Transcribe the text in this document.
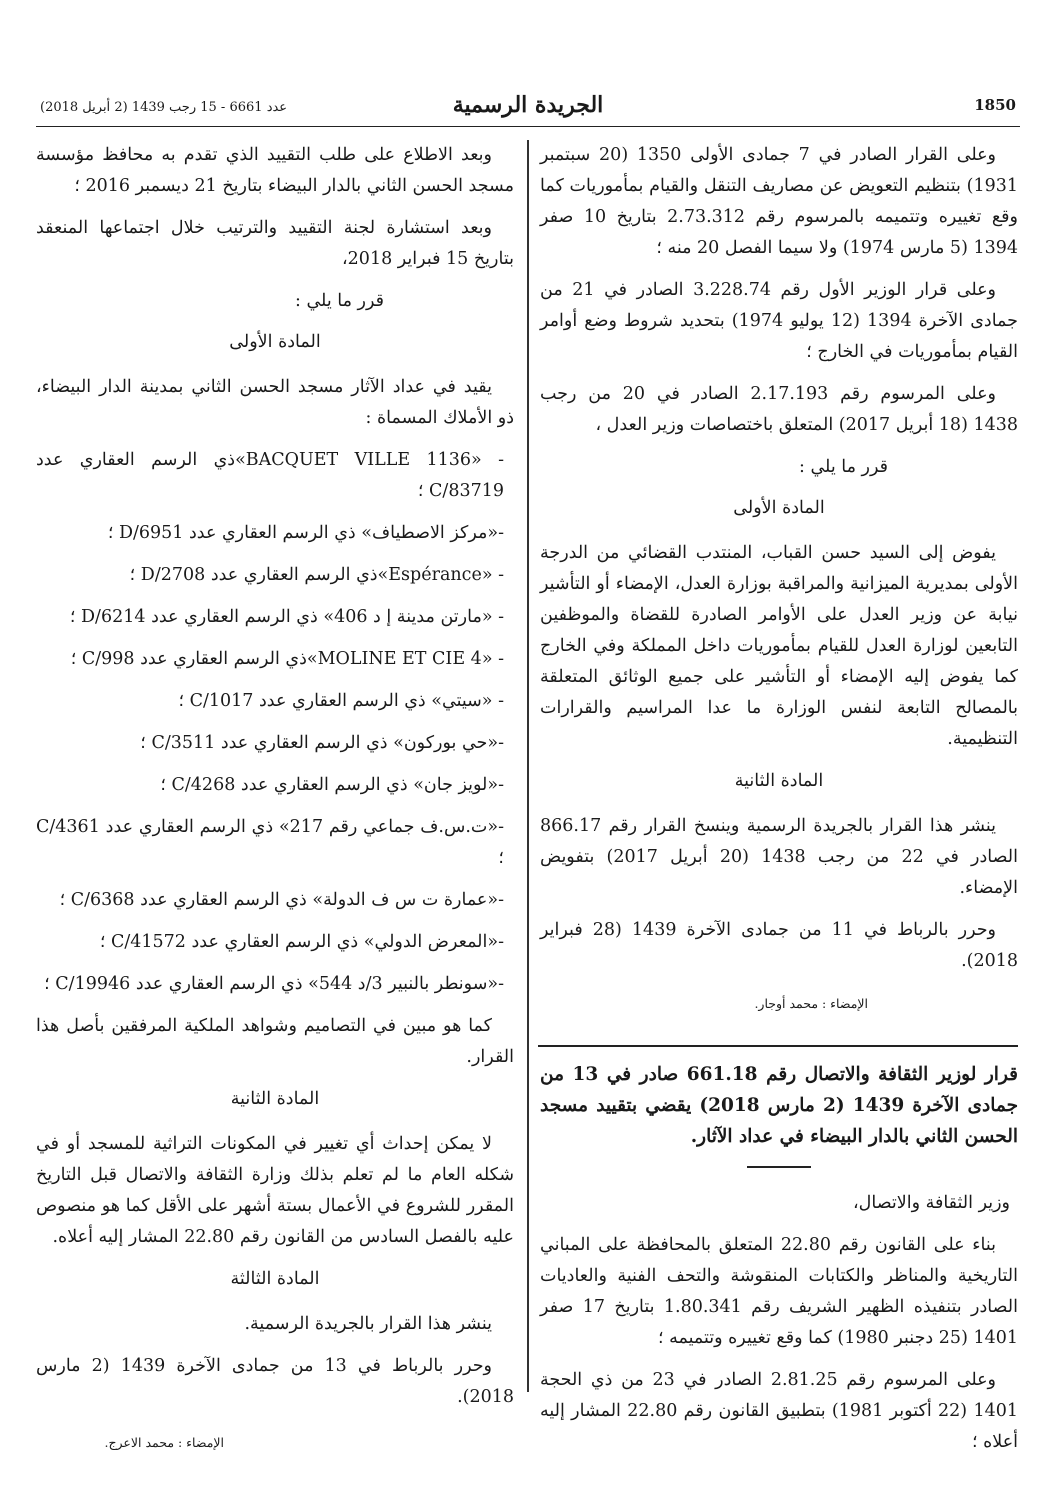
1850
الجريدة الرسمية
عدد 6661 - 15 رجب 1439 (2 أبريل 2018)

وعلى القرار الصادر في 7 جمادى الأولى 1350 (20 سبتمبر 1931) بتنظيم التعويض عن مصاريف التنقل والقيام بمأموريات كما وقع تغييره وتتميمه بالمرسوم رقم 2.73.312 بتاريخ 10 صفر 1394 (5 مارس 1974) ولا سيما الفصل 20 منه ؛

وعلى قرار الوزير الأول رقم 3.228.74 الصادر في 21 من جمادى الآخرة 1394 (12 يوليو 1974) بتحديد شروط وضع أوامر القيام بمأموريات في الخارج ؛

وعلى المرسوم رقم 2.17.193 الصادر في 20 من رجب 1438 (18 أبريل 2017) المتعلق باختصاصات وزير العدل ،

قرر ما يلي :

المادة الأولى

يفوض إلى السيد حسن القباب، المنتدب القضائي من الدرجة الأولى بمديرية الميزانية والمراقبة بوزارة العدل، الإمضاء أو التأشير نيابة عن وزير العدل على الأوامر الصادرة للقضاة والموظفين التابعين لوزارة العدل للقيام بمأموريات داخل المملكة وفي الخارج كما يفوض إليه الإمضاء أو التأشير على جميع الوثائق المتعلقة بالمصالح التابعة لنفس الوزارة ما عدا المراسيم والقرارات التنظيمية.

المادة الثانية

ينشر هذا القرار بالجريدة الرسمية وينسخ القرار رقم 866.17 الصادر في 22 من رجب 1438 (20 أبريل 2017) بتفويض الإمضاء.

وحرر بالرباط في 11 من جمادى الآخرة 1439 (28 فبراير 2018).

الإمضاء : محمد أوجار.

قرار لوزير الثقافة والاتصال رقم 661.18 صادر في 13 من جمادى الآخرة 1439 (2 مارس 2018) يقضي بتقييد مسجد الحسن الثاني بالدار البيضاء في عداد الآثار.

وزير الثقافة والاتصال،

بناء على القانون رقم 22.80 المتعلق بالمحافظة على المباني التاريخية والمناظر والكتابات المنقوشة والتحف الفنية والعاديات الصادر بتنفيذه الظهير الشريف رقم 1.80.341 بتاريخ 17 صفر 1401 (25 دجنبر 1980) كما وقع تغييره وتتميمه ؛

وعلى المرسوم رقم 2.81.25 الصادر في 23 من ذي الحجة 1401 (22 أكتوبر 1981) بتطبيق القانون رقم 22.80 المشار إليه أعلاه ؛

وبعد الاطلاع على طلب التقييد الذي تقدم به محافظ مؤسسة مسجد الحسن الثاني بالدار البيضاء بتاريخ 21 ديسمبر 2016 ؛

وبعد استشارة لجنة التقييد والترتيب خلال اجتماعها المنعقد بتاريخ 15 فبراير 2018،

قرر ما يلي :

المادة الأولى

يقيد في عداد الآثار مسجد الحسن الثاني بمدينة الدار البيضاء، ذو الأملاك المسماة :

- «BACQUET VILLE 1136»ذي الرسم العقاري عدد C/83719 ؛

-«مركز الاصطياف» ذي الرسم العقاري عدد D/6951 ؛

- «Espérance»ذي الرسم العقاري عدد D/2708 ؛

- «مارتن مدينة إ د 406» ذي الرسم العقاري عدد D/6214 ؛

- «MOLINE ET CIE 4»ذي الرسم العقاري عدد C/998 ؛

- «سيتي» ذي الرسم العقاري عدد C/1017 ؛

-«حي بوركون» ذي الرسم العقاري عدد C/3511 ؛

-«لويز جان» ذي الرسم العقاري عدد C/4268 ؛

-«ت.س.ف جماعي رقم 217» ذي الرسم العقاري عدد C/4361 ؛

-«عمارة ت س ف الدولة» ذي الرسم العقاري عدد C/6368 ؛

-«المعرض الدولي» ذي الرسم العقاري عدد C/41572 ؛

-«سونطر بالنبير 3/د 544» ذي الرسم العقاري عدد C/19946 ؛

كما هو مبين في التصاميم وشواهد الملكية المرفقين بأصل هذا القرار.

المادة الثانية

لا يمكن إحداث أي تغيير في المكونات التراثية للمسجد أو في شكله العام ما لم تعلم بذلك وزارة الثقافة والاتصال قبل التاريخ المقرر للشروع في الأعمال بستة أشهر على الأقل كما هو منصوص عليه بالفصل السادس من القانون رقم 22.80 المشار إليه أعلاه.

المادة الثالثة

ينشر هذا القرار بالجريدة الرسمية.

وحرر بالرباط في 13 من جمادى الآخرة 1439 (2 مارس 2018).

الإمضاء : محمد الاعرج.
